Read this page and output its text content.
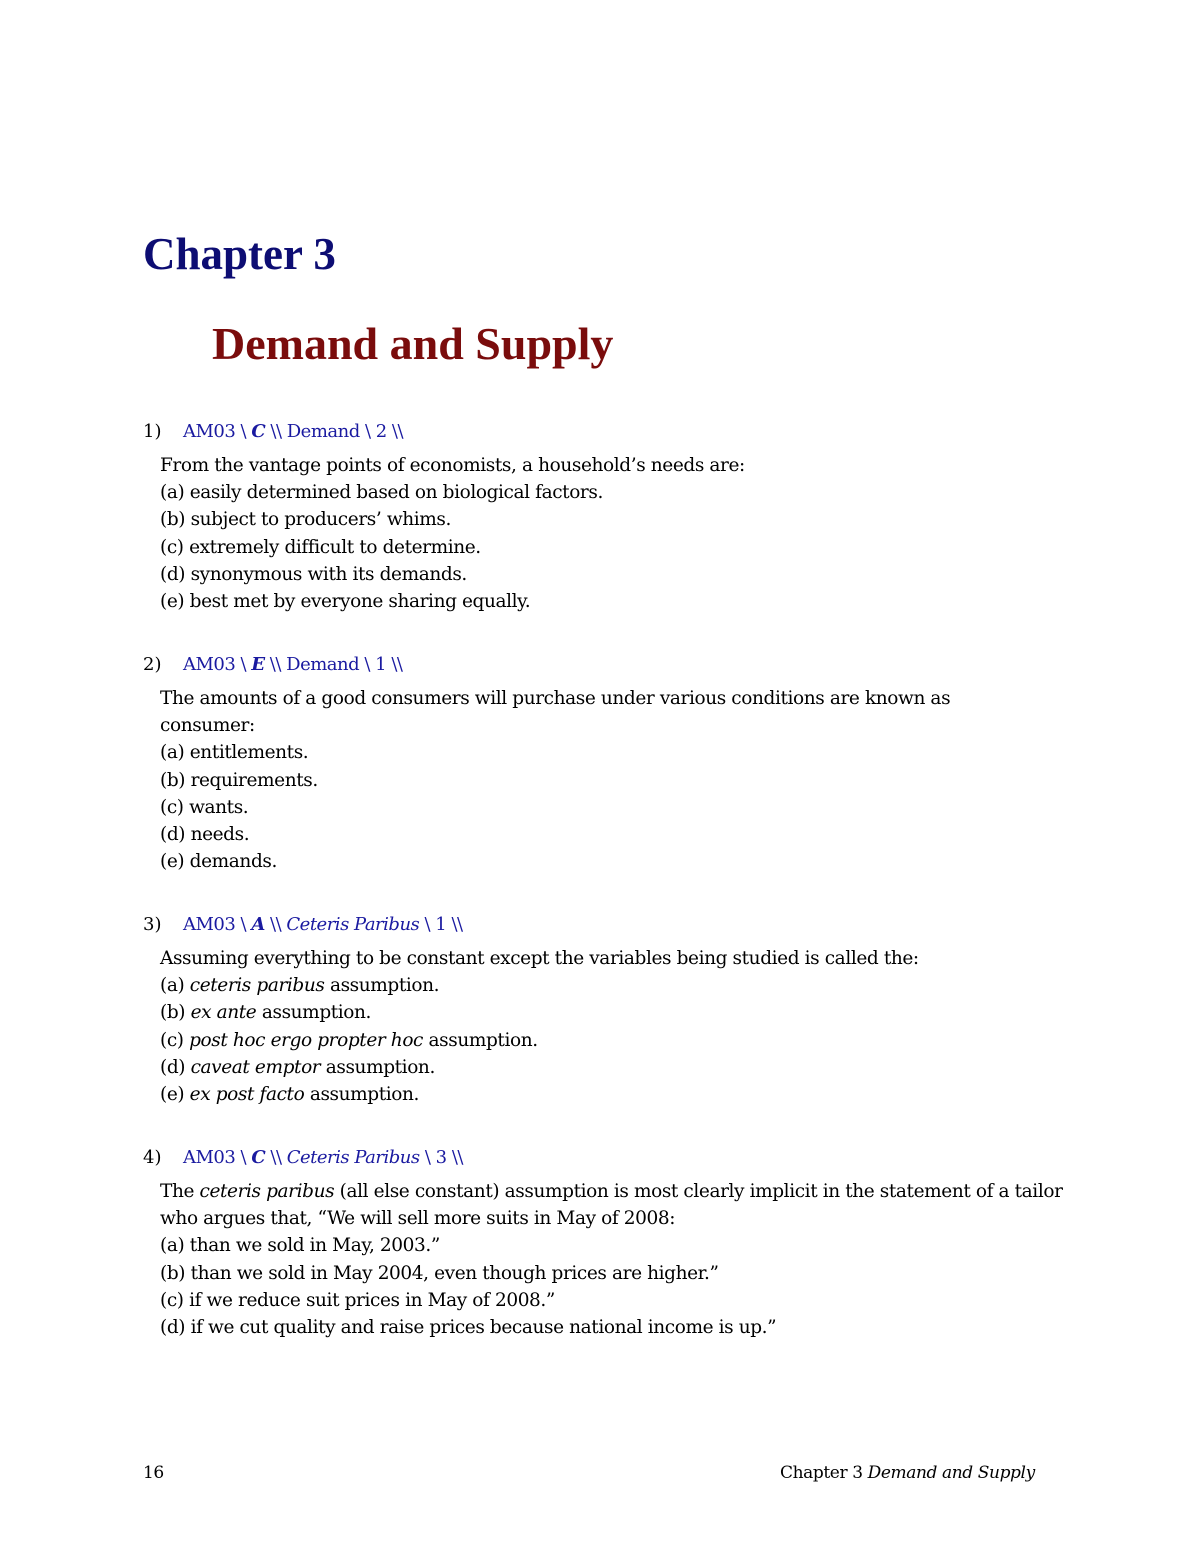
Chapter 3
Demand and Supply
1) AM03 \ C \\ Demand \ 2 \\
From the vantage points of economists, a household’s needs are:
(a) easily determined based on biological factors.
(b) subject to producers’ whims.
(c) extremely difficult to determine.
(d) synonymous with its demands.
(e) best met by everyone sharing equally.
2) AM03 \ E \\ Demand \ 1 \\
The amounts of a good consumers will purchase under various conditions are known as consumer:
(a) entitlements.
(b) requirements.
(c) wants.
(d) needs.
(e) demands.
3) AM03 \ A \\ Ceteris Paribus \ 1 \\
Assuming everything to be constant except the variables being studied is called the:
(a) ceteris paribus assumption.
(b) ex ante assumption.
(c) post hoc ergo propter hoc assumption.
(d) caveat emptor assumption.
(e) ex post facto assumption.
4) AM03 \ C \\ Ceteris Paribus \ 3 \\
The ceteris paribus (all else constant) assumption is most clearly implicit in the statement of a tailor who argues that, “We will sell more suits in May of 2008:
(a) than we sold in May, 2003.”
(b) than we sold in May 2004, even though prices are higher.”
(c) if we reduce suit prices in May of 2008.”
(d) if we cut quality and raise prices because national income is up.”
16	Chapter 3 Demand and Supply
